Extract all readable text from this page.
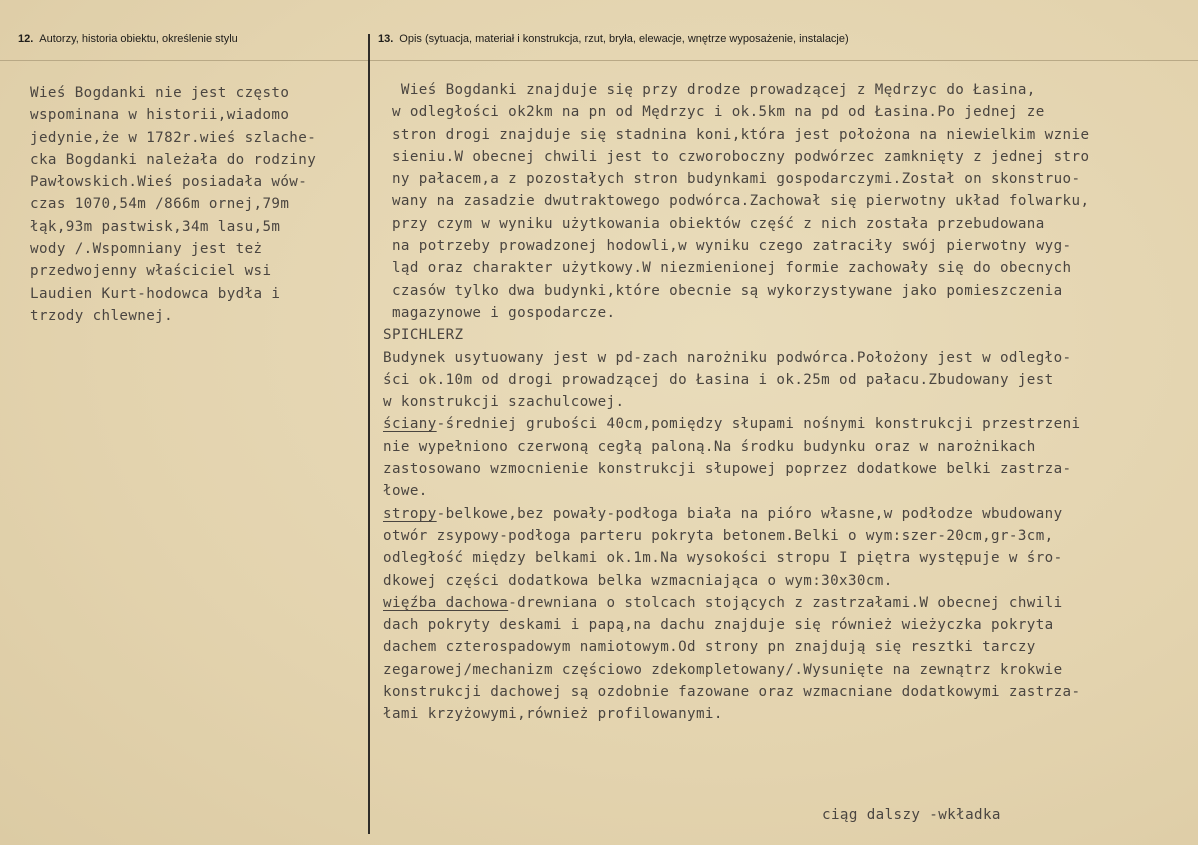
12. Autorzy, historia obiektu, określenie stylu	13. Opis (sytuacja, materiał i konstrukcja, rzut, bryła, elewacje, wnętrze wyposażenie, instalacje)
Wieś Bogdanki nie jest często
wspominana w historii,wiadomo
jedynie,że w 1782r.wieś szlache-
cka Bogdanki należała do rodziny
Pawłowskich.Wieś posiadała wów-
czas 1070,54m /866m ornej,79m
łąk,93m pastwisk,34m lasu,5m
wody /.Wspomniany jest też
przedwojenny właściciel wsi
Laudien Kurt-hodowca bydła i
trzody chlewnej.
Wieś Bogdanki znajduje się przy drodze prowadzącej z Mędrzyc do Łasina,
w odległości ok2km na pn od Mędrzyc i ok.5km na pd od Łasina.Po jednej ze
stron drogi znajduje się stadnina koni,która jest położona na niewielkim wznie
sieniu.W obecnej chwili jest to czworoboczny podwórzec zamknięty z jednej stro
ny pałacem,a z pozostałych stron budynkami gospodarczymi.Został on skonstruo-
wany na zasadzie dwutraktowego podwórca.Zachował się pierwotny układ folwarku,
przy czym w wyniku użytkowania obiektów część z nich została przebudowana
na potrzeby prowadzonej hodowli,w wyniku czego zatraciły swój pierwotny wyg-
ląd oraz charakter użytkowy.W niezmienionej formie zachowały się do obecnych
czasów tylko dwa budynki,które obecnie są wykorzystywane jako pomieszczenia
magazynowe i gospodarcze.
SPICHLERZ
Budynek usytuowany jest w pd-zach narożniku podwórca.Położony jest w odległo-
ści ok.10m od drogi prowadzącej do Łasina i ok.25m od pałacu.Zbudowany jest
w konstrukcji szachulcowej.
ściany-średniej grubości 40cm,pomiędzy słupami nośnymi konstrukcji przestrzeni
nie wypełniono czerwoną cegłą paloną.Na środku budynku oraz w narożnikach
zastosowano wzmocnienie konstrukcji słupowej poprzez dodatkowe belki zastrza-
łowe.
stropy-belkowe,bez powały-podłoga biała na pióro własne,w podłodze wbudowany
otwór zsypowy-podłoga parteru pokryta betonem.Belki o wym:szer-20cm,gr-3cm,
odległość między belkami ok.1m.Na wysokości stropu I piętra występuje w śro-
dkowej części dodatkowa belka wzmacniająca o wym:30x30cm.
więźba dachowa-drewniana o stolcach stojących z zastrzałami.W obecnej chwili
dach pokryty deskami i papą,na dachu znajduje się również wieżyczka pokryta
dachem czterospadowym namiotowym.Od strony pn znajdują się resztki tarczy
zegarowej/mechanizm częściowo zdekompletowany/.Wysunięte na zewnątrz krokwie
konstrukcji dachowej są ozdobnie fazowane oraz wzmacniane dodatkowymi zastrza-
łami krzyżowymi,również profilowanymi.
ciąg dalszy -wkładka
